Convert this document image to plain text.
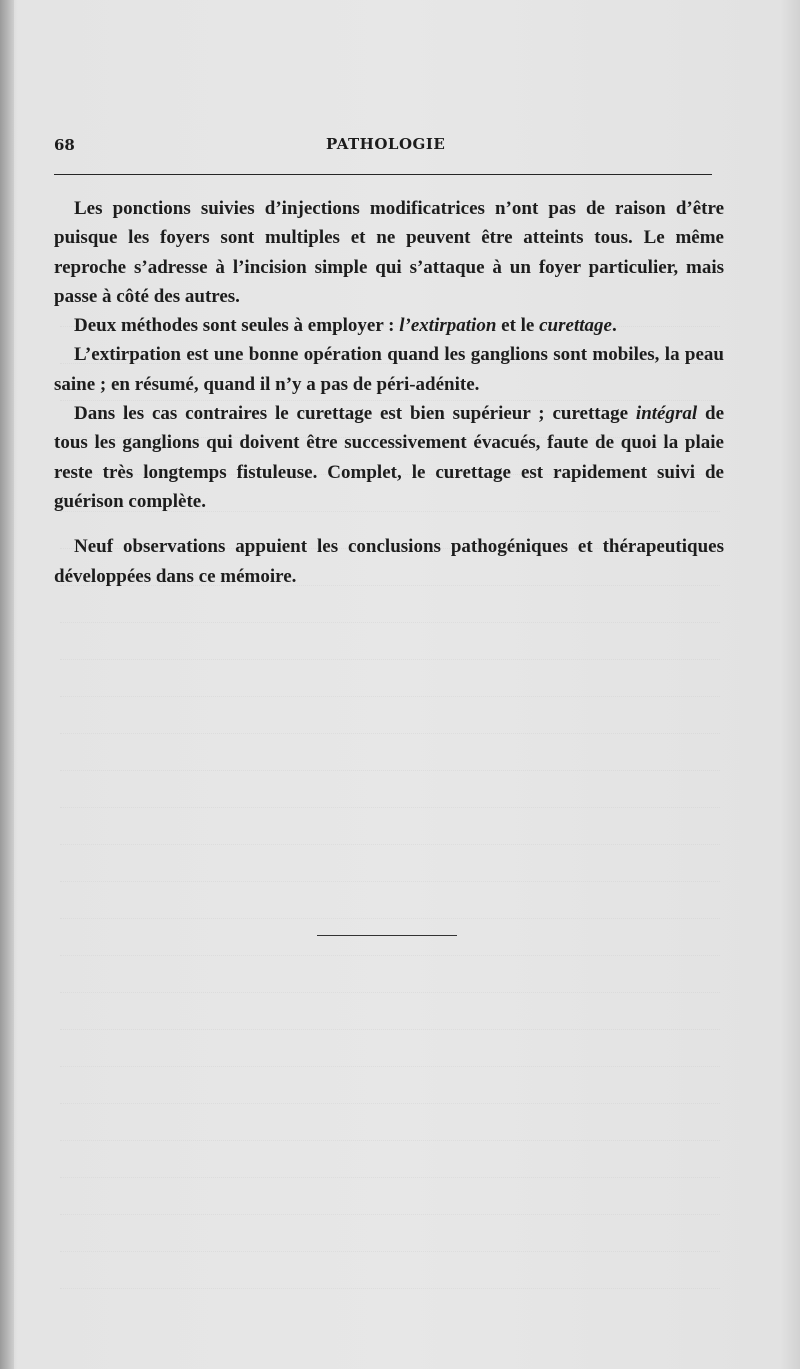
68	PATHOLOGIE

Les ponctions suivies d’injections modificatrices n’ont pas de raison d’être puisque les foyers sont multiples et ne peuvent être atteints tous. Le même reproche s’adresse à l’incision simple qui s’attaque à un foyer particulier, mais passe à côté des autres.

Deux méthodes sont seules à employer : l’extirpation et le curettage.

L’extirpation est une bonne opération quand les ganglions sont mobiles, la peau saine ; en résumé, quand il n’y a pas de péri-adénite.

Dans les cas contraires le curettage est bien supérieur ; curettage intégral de tous les ganglions qui doivent être successivement évacués, faute de quoi la plaie reste très longtemps fistuleuse. Complet, le curettage est rapidement suivi de guérison complète.

Neuf observations appuient les conclusions pathogéniques et thérapeutiques développées dans ce mémoire.
